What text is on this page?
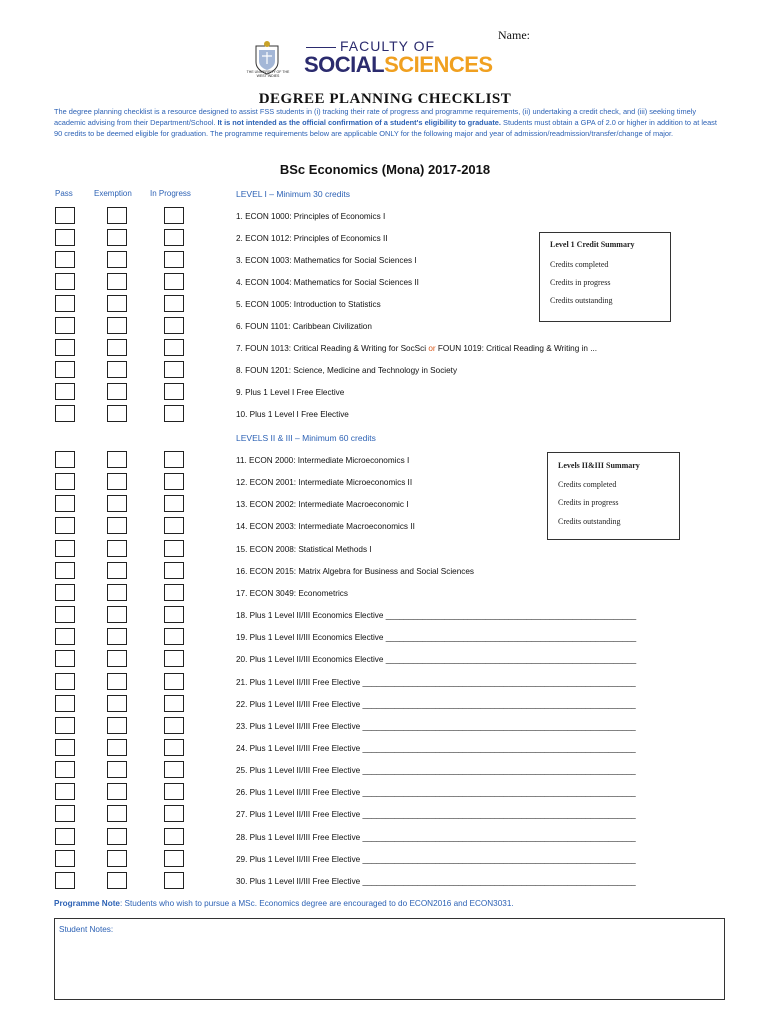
Name:
THE UNIVERSITY OF THE WEST INDIES
FACULTY OF
SOCIALSCIENCES
DEGREE PLANNING CHECKLIST
The degree planning checklist is a resource designed to assist FSS students in (i) tracking their rate of progress and programme requirements, (ii) undertaking a credit check, and (iii) seeking timely academic advising from their Department/School. It is not intended as the official confirmation of a student's eligibility to graduate. Students must obtain a GPA of 2.0 or higher in addition to at least 90 credits to be deemed eligible for graduation. The programme requirements below are applicable ONLY for the following major and year of admission/readmission/transfer/change of major.
BSc Economics (Mona) 2017-2018
Pass	Exemption In Progress	LEVEL I – Minimum 30 credits
LEVELS II & III – Minimum 60 credits
1. ECON 1000: Principles of Economics I
2. ECON 1012: Principles of Economics II
3. ECON 1003: Mathematics for Social Sciences I
4. ECON 1004: Mathematics for Social Sciences II
5. ECON 1005: Introduction to Statistics
6. FOUN 1101: Caribbean Civilization
7. FOUN 1013: Critical Reading & Writing for SocSci or FOUN 1019: Critical Reading & Writing in ...
8. FOUN 1201: Science, Medicine and Technology in Society
9. Plus 1 Level I Free Elective
10. Plus 1 Level I Free Elective
11. ECON 2000: Intermediate Microeconomics I
12. ECON 2001: Intermediate Microeconomics II
13. ECON 2002: Intermediate Macroeconomic I
14. ECON 2003: Intermediate Macroeconomics II
15. ECON 2008: Statistical Methods I
16. ECON 2015: Matrix Algebra for Business and Social Sciences
17. ECON 3049: Econometrics
18. Plus 1 Level II/III Economics Elective _______________________________________________________
19. Plus 1 Level II/III Economics Elective _______________________________________________________
20. Plus 1 Level II/III Economics Elective _______________________________________________________
21. Plus 1 Level II/III Free Elective ____________________________________________________________
22. Plus 1 Level II/III Free Elective ____________________________________________________________
23. Plus 1 Level II/III Free Elective ____________________________________________________________
24. Plus 1 Level II/III Free Elective ____________________________________________________________
25. Plus 1 Level II/III Free Elective ____________________________________________________________
26. Plus 1 Level II/III Free Elective ____________________________________________________________
27. Plus 1 Level II/III Free Elective ____________________________________________________________
28. Plus 1 Level II/III Free Elective ____________________________________________________________
29. Plus 1 Level II/III Free Elective ____________________________________________________________
30. Plus 1 Level II/III Free Elective ____________________________________________________________
Level 1 Credit Summary
Credits completed
Credits in progress
Credits outstanding
Levels II&III Summary
Credits completed
Credits in progress
Credits outstanding
Programme Note: Students who wish to pursue a MSc. Economics degree are encouraged to do ECON2016 and ECON3031.
Student Notes:
